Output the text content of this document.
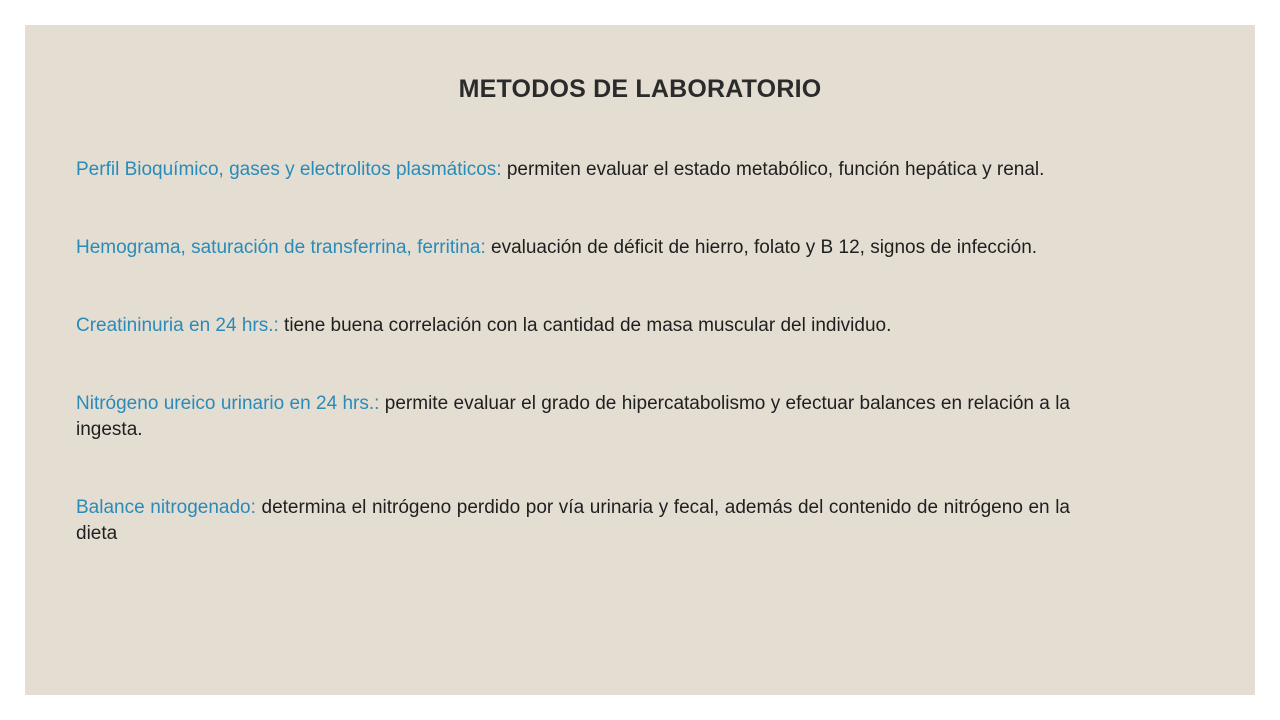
METODOS DE LABORATORIO

Perfil Bioquímico, gases y electrolitos plasmáticos: permiten evaluar el estado metabólico, función hepática y renal.

Hemograma, saturación de transferrina, ferritina: evaluación de déficit de hierro, folato y B 12, signos de infección.

Creatininuria en 24 hrs.: tiene buena correlación con la cantidad de masa muscular del individuo.

Nitrógeno ureico urinario en 24 hrs.: permite evaluar el grado de hipercatabolismo y efectuar balances en relación a la ingesta.

Balance nitrogenado: determina el nitrógeno perdido por vía urinaria y fecal, además del contenido de nitrógeno en la dieta
